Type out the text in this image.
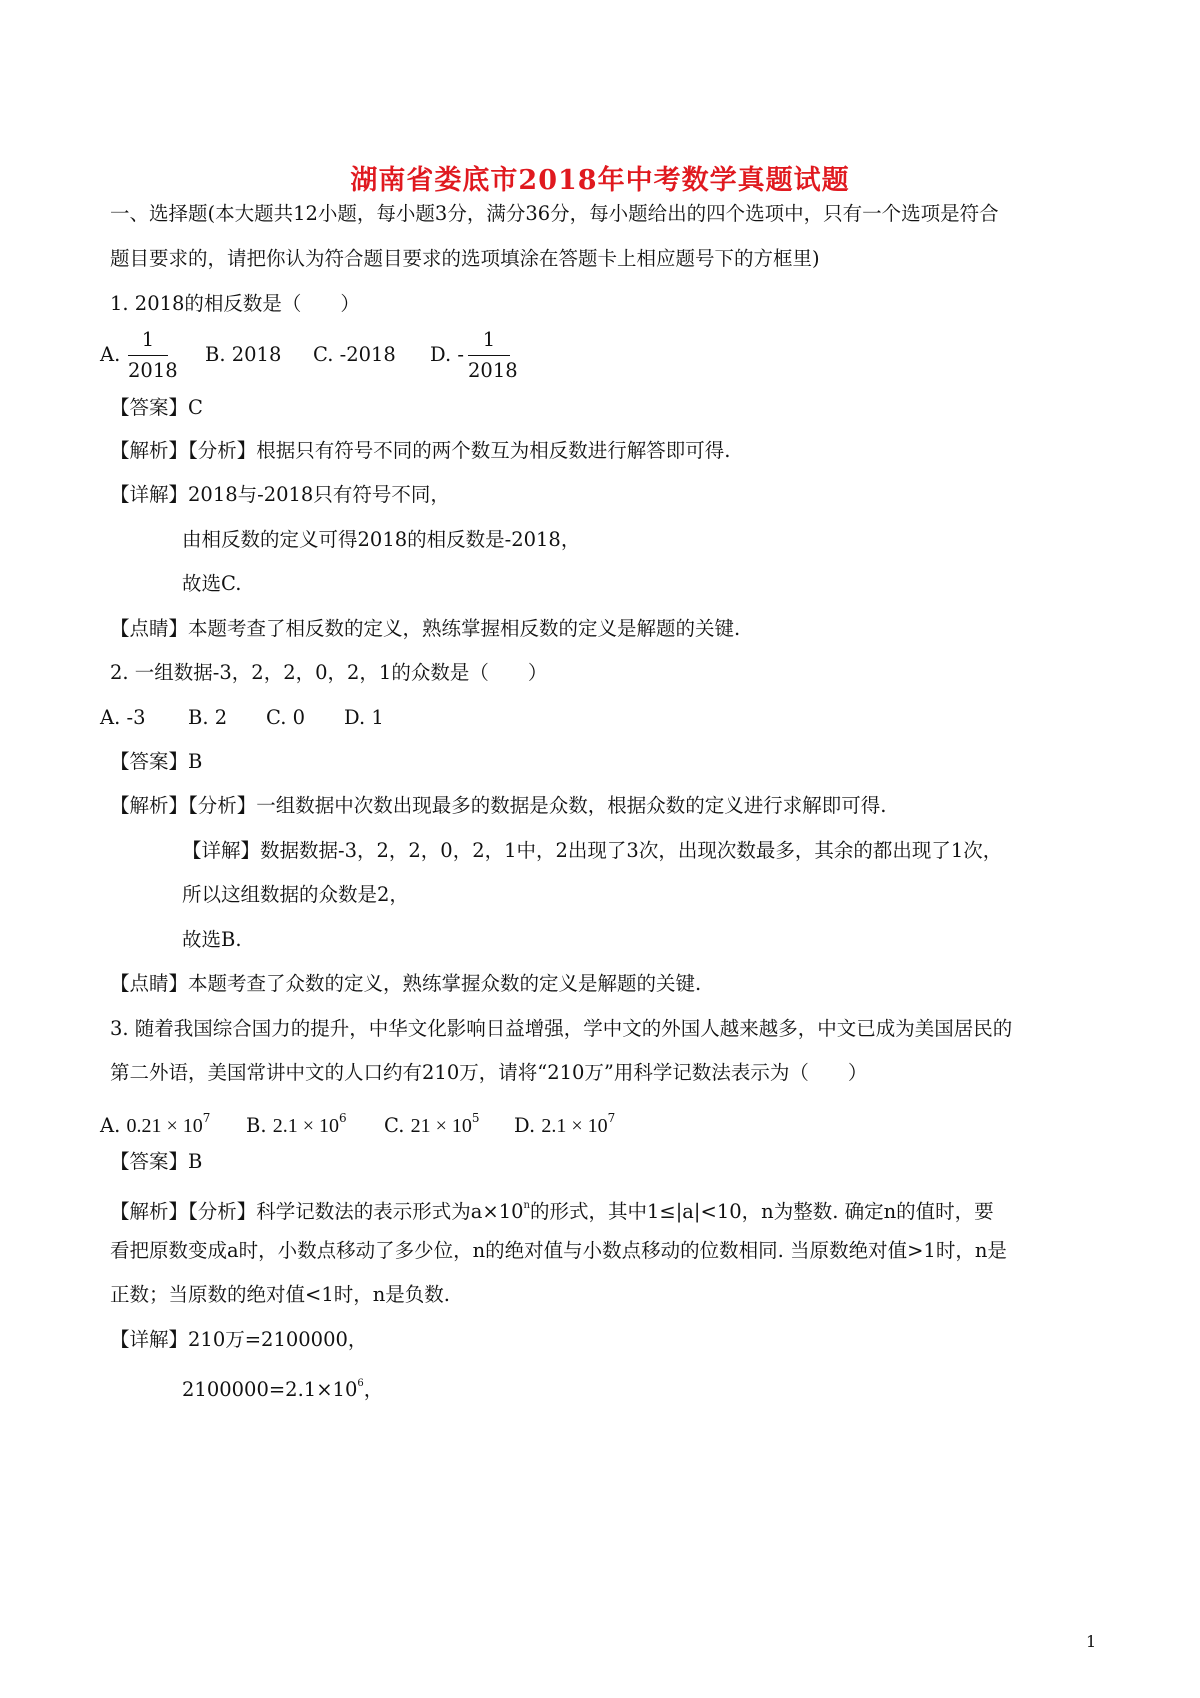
湖南省娄底市2018年中考数学真题试题
一、选择题(本大题共12小题，每小题3分，满分36分，每小题给出的四个选项中，只有一个选项是符合
题目要求的，请把你认为符合题目要求的选项填涂在答题卡上相应题号下的方框里)
1. 2018的相反数是（　　）
A.
1
2018
B. 2018 C. -2018 D. -
1
2018
【答案】C
【解析】【分析】根据只有符号不同的两个数互为相反数进行解答即可得.
【详解】2018与-2018只有符号不同，
由相反数的定义可得2018的相反数是-2018，
故选C.
【点睛】本题考查了相反数的定义，熟练掌握相反数的定义是解题的关键.
2. 一组数据-3，2，2，0，2，1的众数是（　　）
A. -3 B. 2 C. 0 D. 1
【答案】B
【解析】【分析】一组数据中次数出现最多的数据是众数，根据众数的定义进行求解即可得.
【详解】数据数据-3，2，2，0，2，1中，2出现了3次，出现次数最多，其余的都出现了1次，
所以这组数据的众数是2，
故选B.
【点睛】本题考查了众数的定义，熟练掌握众数的定义是解题的关键.
3. 随着我国综合国力的提升，中华文化影响日益增强，学中文的外国人越来越多，中文已成为美国居民的
第二外语，美国常讲中文的人口约有210万，请将“210万”用科学记数法表示为（　　）
A. $0.21 \times 10^7$ B. $2.1 \times 10^6$ C. $21 \times 10^5$ D. $2.1 \times 10^7$
【答案】B
【解析】【分析】科学记数法的表示形式为$a\times 10^n$的形式，其中1≤|a|<10，n为整数. 确定n的值时，要
看把原数变成a时，小数点移动了多少位，n的绝对值与小数点移动的位数相同. 当原数绝对值>1时，n是
正数；当原数的绝对值<1时，n是负数.
【详解】210万=2100000，
$2100000=2.1\times 10^6$，
1
